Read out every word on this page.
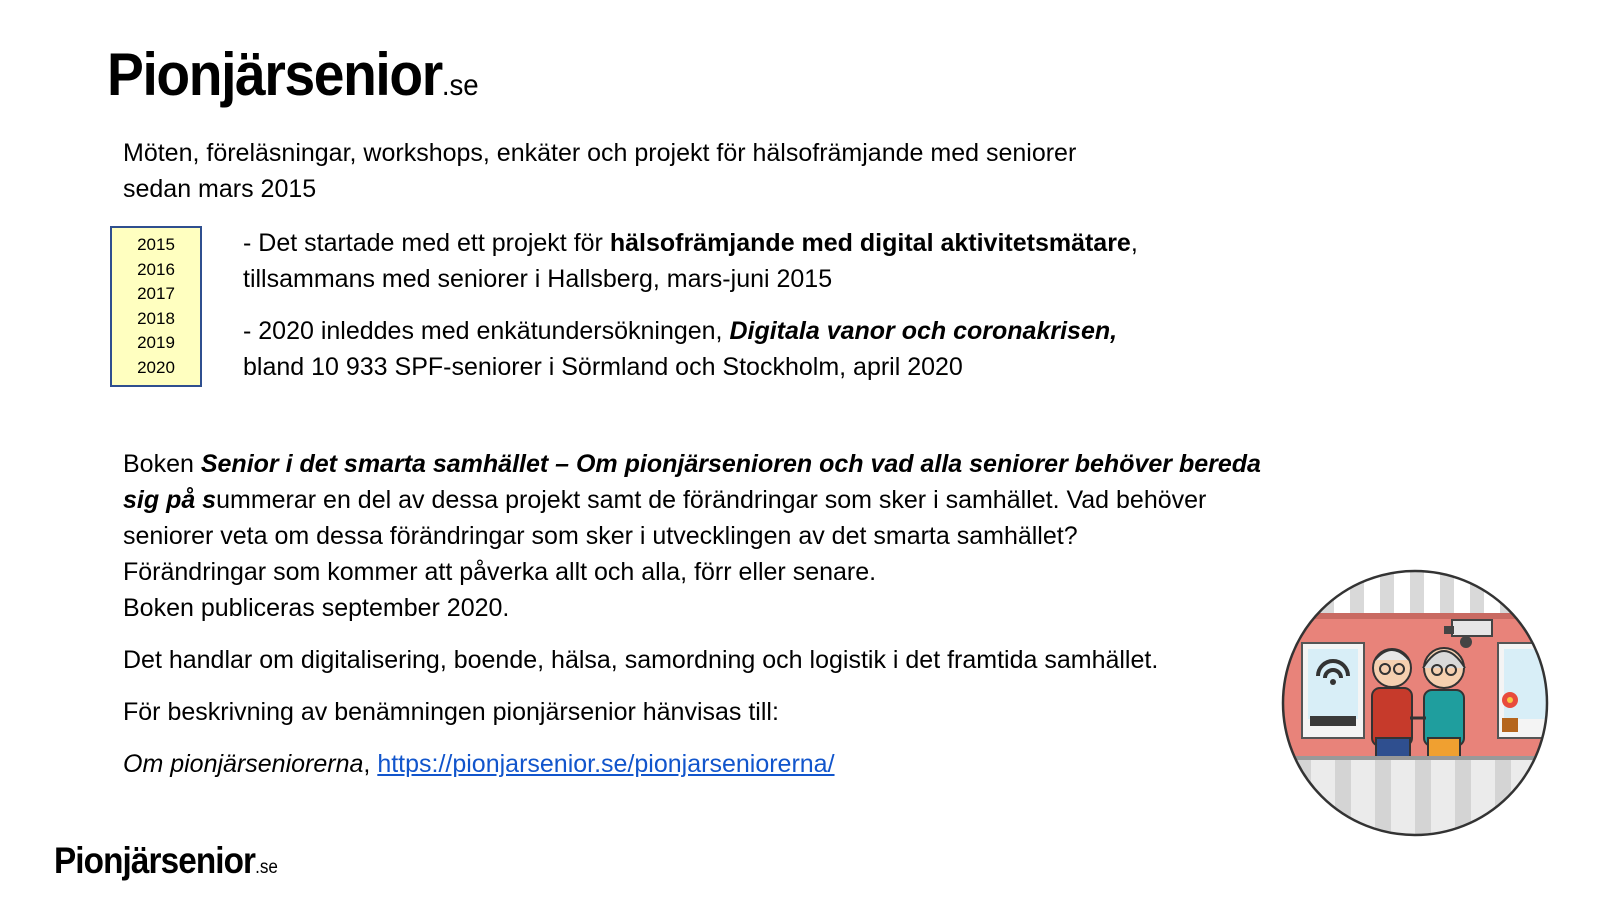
Pionjärsenior.se
Möten, föreläsningar, workshops, enkäter och projekt för hälsofrämjande med seniorer
sedan mars 2015
2015
2016
2017
2018
2019
2020
- Det startade med ett projekt för hälsofrämjande med digital aktivitetsmätare,
tillsammans med seniorer i Hallsberg, mars-juni 2015
- 2020 inleddes med enkätundersökningen, Digitala vanor och coronakrisen,
bland 10 933 SPF-seniorer i Sörmland och Stockholm, april 2020
Boken Senior i det smarta samhället – Om pionjärsenioren och vad alla seniorer behöver bereda
sig på summerar en del av dessa projekt samt de förändringar som sker i samhället. Vad behöver
seniorer veta om dessa förändringar som sker i utvecklingen av det smarta samhället?
Förändringar som kommer att påverka allt och alla, förr eller senare.
Boken publiceras september 2020.
Det handlar om digitalisering, boende, hälsa, samordning och logistik i det framtida samhället.
För beskrivning av benämningen pionjärsenior hänvisas till:
Om pionjärseniorerna, https://pionjarsenior.se/pionjarseniorerna/
Pionjärsenior.se
